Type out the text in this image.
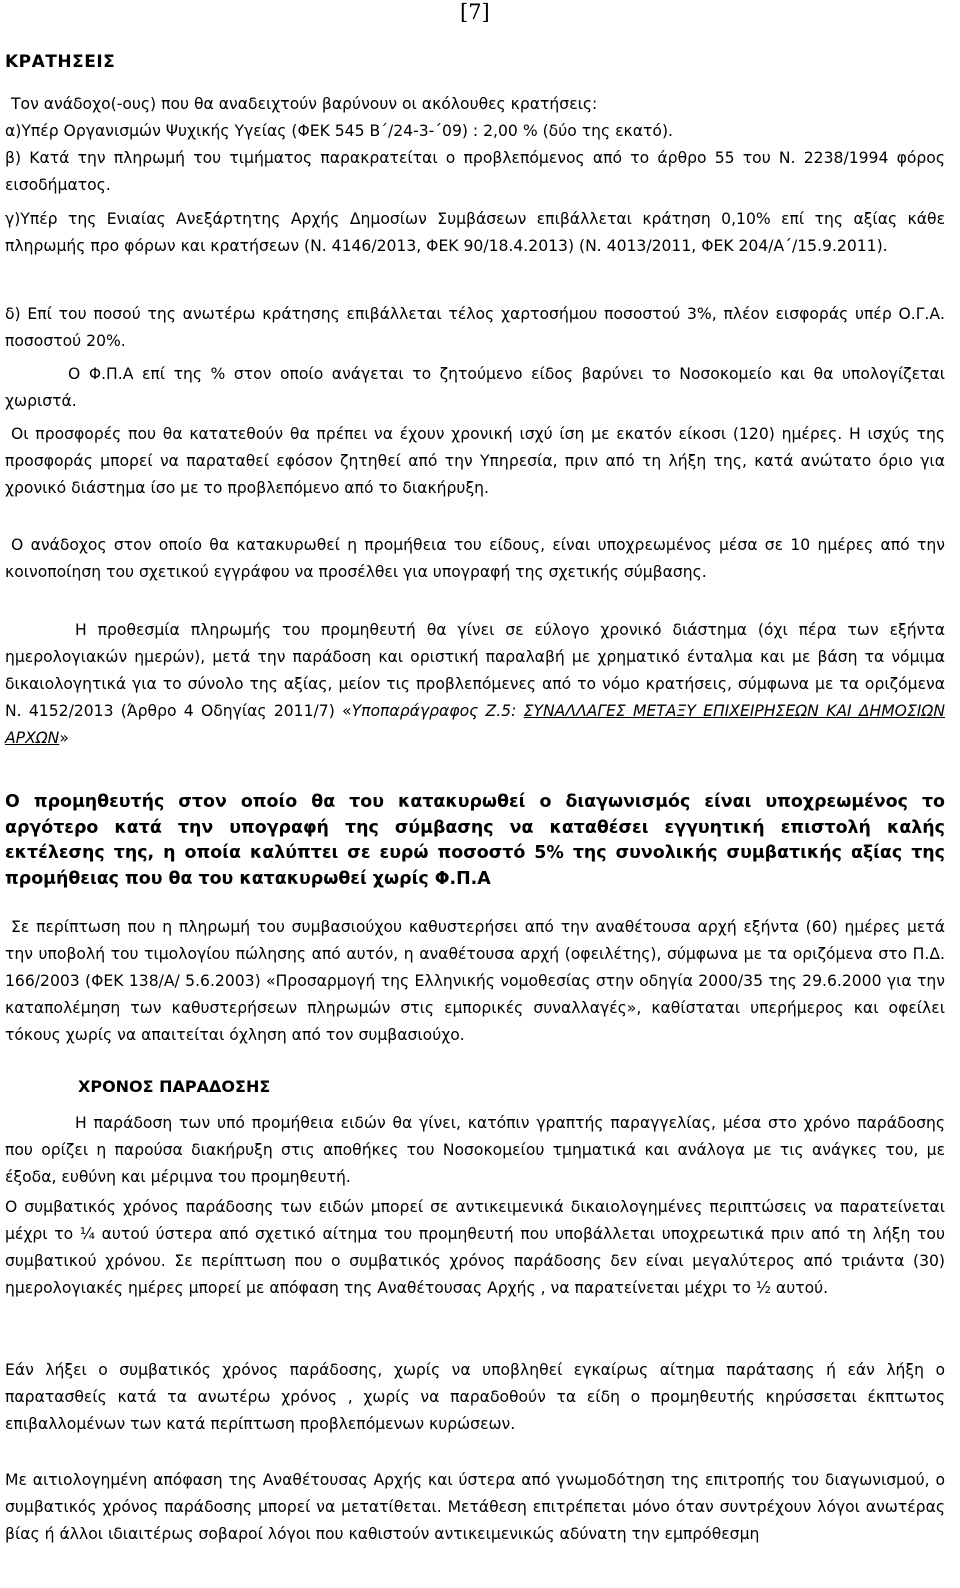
[7]
ΚΡΑΤΗΣΕΙΣ
Τον ανάδοχο(-ους) που θα αναδειχτούν βαρύνουν οι ακόλουθες κρατήσεις:
α)Υπέρ Οργανισμών Ψυχικής Υγείας (ΦΕΚ 545 Β΄/24-3-΄09) : 2,00 % (δύο της εκατό).
β) Κατά την πληρωμή του τιμήματος παρακρατείται ο προβλεπόμενος από το άρθρο 55 του Ν. 2238/1994 φόρος εισοδήματος.
γ)Υπέρ της Ενιαίας Ανεξάρτητης Αρχής Δημοσίων Συμβάσεων επιβάλλεται κράτηση 0,10% επί της αξίας κάθε πληρωμής προ φόρων και κρατήσεων (Ν. 4146/2013, ΦΕΚ 90/18.4.2013) (Ν. 4013/2011, ΦΕΚ 204/Α΄/15.9.2011).
δ) Επί του ποσού της ανωτέρω κράτησης επιβάλλεται τέλος χαρτοσήμου ποσοστού 3%, πλέον εισφοράς υπέρ Ο.Γ.Α. ποσοστού 20%.
Ο Φ.Π.Α επί της % στον οποίο ανάγεται το ζητούμενο είδος βαρύνει το Νοσοκομείο και θα υπολογίζεται χωριστά.
Οι προσφορές που θα κατατεθούν θα πρέπει να έχουν χρονική ισχύ ίση με εκατόν είκοσι (120) ημέρες. Η ισχύς της προσφοράς μπορεί να παραταθεί εφόσον ζητηθεί από την Υπηρεσία, πριν από τη λήξη της, κατά ανώτατο όριο για χρονικό διάστημα ίσο με το προβλεπόμενο από το διακήρυξη.
Ο ανάδοχος στον οποίο θα κατακυρωθεί η προμήθεια του είδους, είναι υποχρεωμένος μέσα σε 10 ημέρες από την κοινοποίηση του σχετικού εγγράφου να προσέλθει για υπογραφή της σχετικής σύμβασης.
Η προθεσμία πληρωμής του προμηθευτή θα γίνει σε εύλογο χρονικό διάστημα (όχι πέρα των εξήντα ημερολογιακών ημερών), μετά την παράδοση και οριστική παραλαβή με χρηματικό ένταλμα και με βάση τα νόμιμα δικαιολογητικά για το σύνολο της αξίας, μείον τις προβλεπόμενες από το νόμο κρατήσεις, σύμφωνα με τα οριζόμενα Ν. 4152/2013 (Άρθρο 4 Οδηγίας 2011/7) «Υποπαράγραφος Ζ.5: ΣΥΝΑΛΛΑΓΕΣ ΜΕΤΑΞΥ ΕΠΙΧΕΙΡΗΣΕΩΝ ΚΑΙ ΔΗΜΟΣΙΩΝ ΑΡΧΩΝ»
Ο προμηθευτής στον οποίο θα του κατακυρωθεί ο διαγωνισμός είναι υποχρεωμένος το αργότερο κατά την υπογραφή της σύμβασης να καταθέσει εγγυητική επιστολή καλής εκτέλεσης της, η οποία καλύπτει σε ευρώ ποσοστό 5% της συνολικής συμβατικής αξίας της προμήθειας που θα του κατακυρωθεί χωρίς Φ.Π.Α
Σε περίπτωση που η πληρωμή του συμβασιούχου καθυστερήσει από την αναθέτουσα αρχή εξήντα (60) ημέρες μετά την υποβολή του τιμολογίου πώλησης από αυτόν, η αναθέτουσα αρχή (οφειλέτης), σύμφωνα με τα οριζόμενα στο Π.Δ. 166/2003 (ΦΕΚ 138/Α/ 5.6.2003) «Προσαρμογή της Ελληνικής νομοθεσίας στην οδηγία 2000/35 της 29.6.2000 για την καταπολέμηση των καθυστερήσεων πληρωμών στις εμπορικές συναλλαγές», καθίσταται υπερήμερος και οφείλει τόκους χωρίς να απαιτείται όχληση από τον συμβασιούχο.
ΧΡΟΝΟΣ ΠΑΡΑΔΟΣΗΣ
Η παράδοση των υπό προμήθεια ειδών θα γίνει, κατόπιν γραπτής παραγγελίας, μέσα στο χρόνο παράδοσης που ορίζει η παρούσα διακήρυξη στις αποθήκες του Νοσοκομείου τμηματικά και ανάλογα με τις ανάγκες του, με έξοδα, ευθύνη και μέριμνα του προμηθευτή.
Ο συμβατικός χρόνος παράδοσης των ειδών μπορεί σε αντικειμενικά δικαιολογημένες περιπτώσεις να παρατείνεται μέχρι τo ¼ αυτού ύστερα από σχετικό αίτημα του προμηθευτή που υποβάλλεται υποχρεωτικά πριν από τη λήξη του συμβατικού χρόνου. Σε περίπτωση που ο συμβατικός χρόνος παράδοσης δεν είναι μεγαλύτερος από τριάντα (30) ημερολογιακές ημέρες μπορεί με απόφαση της Αναθέτουσας Αρχής , να παρατείνεται μέχρι το ½ αυτού.
Εάν λήξει ο συμβατικός χρόνος παράδοσης, χωρίς να υποβληθεί εγκαίρως αίτημα παράτασης ή εάν λήξη ο παρατασθείς κατά τα ανωτέρω χρόνος , χωρίς να παραδοθούν τα είδη ο προμηθευτής κηρύσσεται έκπτωτος επιβαλλομένων των κατά περίπτωση προβλεπόμενων κυρώσεων.
Με αιτιολογημένη απόφαση της Αναθέτουσας Αρχής και ύστερα από γνωμοδότηση της επιτροπής του διαγωνισμού, ο συμβατικός χρόνος παράδοσης μπορεί να μετατίθεται. Μετάθεση επιτρέπεται μόνο όταν συντρέχουν λόγοι ανωτέρας βίας ή άλλοι ιδιαιτέρως σοβαροί λόγοι που καθιστούν αντικειμενικώς αδύνατη την εμπρόθεσμη
